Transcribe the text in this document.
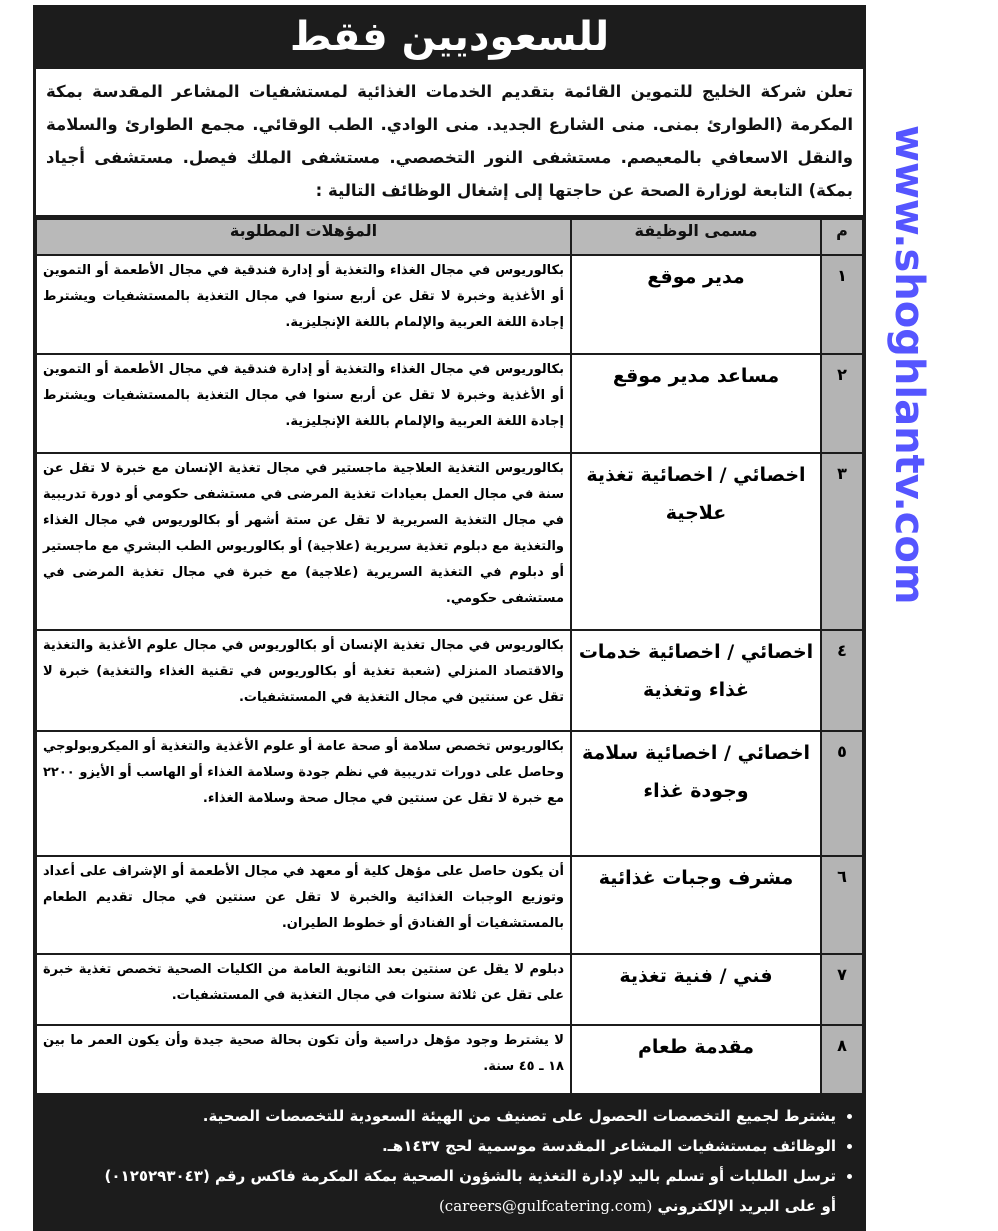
للسعوديين فقط
تعلن شركة الخليج للتموين القائمة بتقديم الخدمات الغذائية لمستشفيات المشاعر المقدسة بمكة المكرمة (الطوارئ بمنى. منى الشارع الجديد. منى الوادي. الطب الوقائي. مجمع الطوارئ والسلامة والنقل الاسعافي بالمعيصم. مستشفى النور التخصصي. مستشفى الملك فيصل. مستشفى أجياد بمكة) التابعة لوزارة الصحة عن حاجتها إلى إشغال الوظائف التالية :
م	مسمى الوظيفة	المؤهلات المطلوبة
١	مدير موقع	بكالوريوس في مجال الغذاء والتغذية أو إدارة فندقية في مجال الأطعمة أو التموين أو الأغذية وخبرة لا تقل عن أربع سنوا في مجال التغذية بالمستشفيات ويشترط إجادة اللغة العربية والإلمام باللغة الإنجليزية.
٢	مساعد مدير موقع	بكالوريوس في مجال الغذاء والتغذية أو إدارة فندقية في مجال الأطعمة أو التموين أو الأغذية وخبرة لا تقل عن أربع سنوا في مجال التغذية بالمستشفيات ويشترط إجادة اللغة العربية والإلمام باللغة الإنجليزية.
٣	اخصائي / اخصائية تغذية علاجية	بكالوريوس التغذية العلاجية ماجستير في مجال تغذية الإنسان مع خبرة لا تقل عن سنة في مجال العمل بعيادات تغذية المرضى في مستشفى حكومي أو دورة تدريبية في مجال التغذية السريرية لا تقل عن ستة أشهر أو بكالوريوس في مجال الغذاء والتغذية مع دبلوم تغذية سريرية (علاجية) أو بكالوريوس الطب البشري مع ماجستير أو دبلوم في التغذية السريرية (علاجية) مع خبرة في مجال تغذية المرضى في مستشفى حكومي.
٤	اخصائي / اخصائية خدمات غذاء وتغذية	بكالوريوس في مجال تغذية الإنسان أو بكالوريوس في مجال علوم الأغذية والتغذية والاقتصاد المنزلي (شعبة تغذية أو بكالوريوس في تقنية الغذاء والتغذية) خبرة لا تقل عن سنتين في مجال التغذية في المستشفيات.
٥	اخصائي / اخصائية سلامة وجودة غذاء	بكالوريوس تخصص سلامة أو صحة عامة أو علوم الأغذية والتغذية أو الميكروبولوجي وحاصل على دورات تدريبية في نظم جودة وسلامة الغذاء أو الهاسب أو الأيزو ٢٢٠٠ مع خبرة لا تقل عن سنتين في مجال صحة وسلامة الغذاء.
٦	مشرف وجبات غذائية	أن يكون حاصل على مؤهل كلية أو معهد في مجال الأطعمة أو الإشراف على أعداد وتوزيع الوجبات الغذائية والخبرة لا تقل عن سنتين في مجال تقديم الطعام بالمستشفيات أو الفنادق أو خطوط الطيران.
٧	فني / فنية تغذية	دبلوم لا يقل عن سنتين بعد الثانوية العامة من الكليات الصحية تخصص تغذية خبرة على تقل عن ثلاثة سنوات في مجال التغذية في المستشفيات.
٨	مقدمة طعام	لا يشترط وجود مؤهل دراسية وأن تكون بحالة صحية جيدة وأن يكون العمر ما بين ١٨ ـ ٤٥ سنة.
• يشترط لجميع التخصصات الحصول على تصنيف من الهيئة السعودية للتخصصات الصحية.
• الوظائف بمستشفيات المشاعر المقدسة موسمية لحج ١٤٣٧هـ.
• ترسل الطلبات أو تسلم باليد لإدارة التغذية بالشؤون الصحية بمكة المكرمة فاكس رقم (٠١٢٥٢٩٣٠٤٣)
أو على البريد الإلكتروني (careers@gulfcatering.com)
www.shoghlantv.com
